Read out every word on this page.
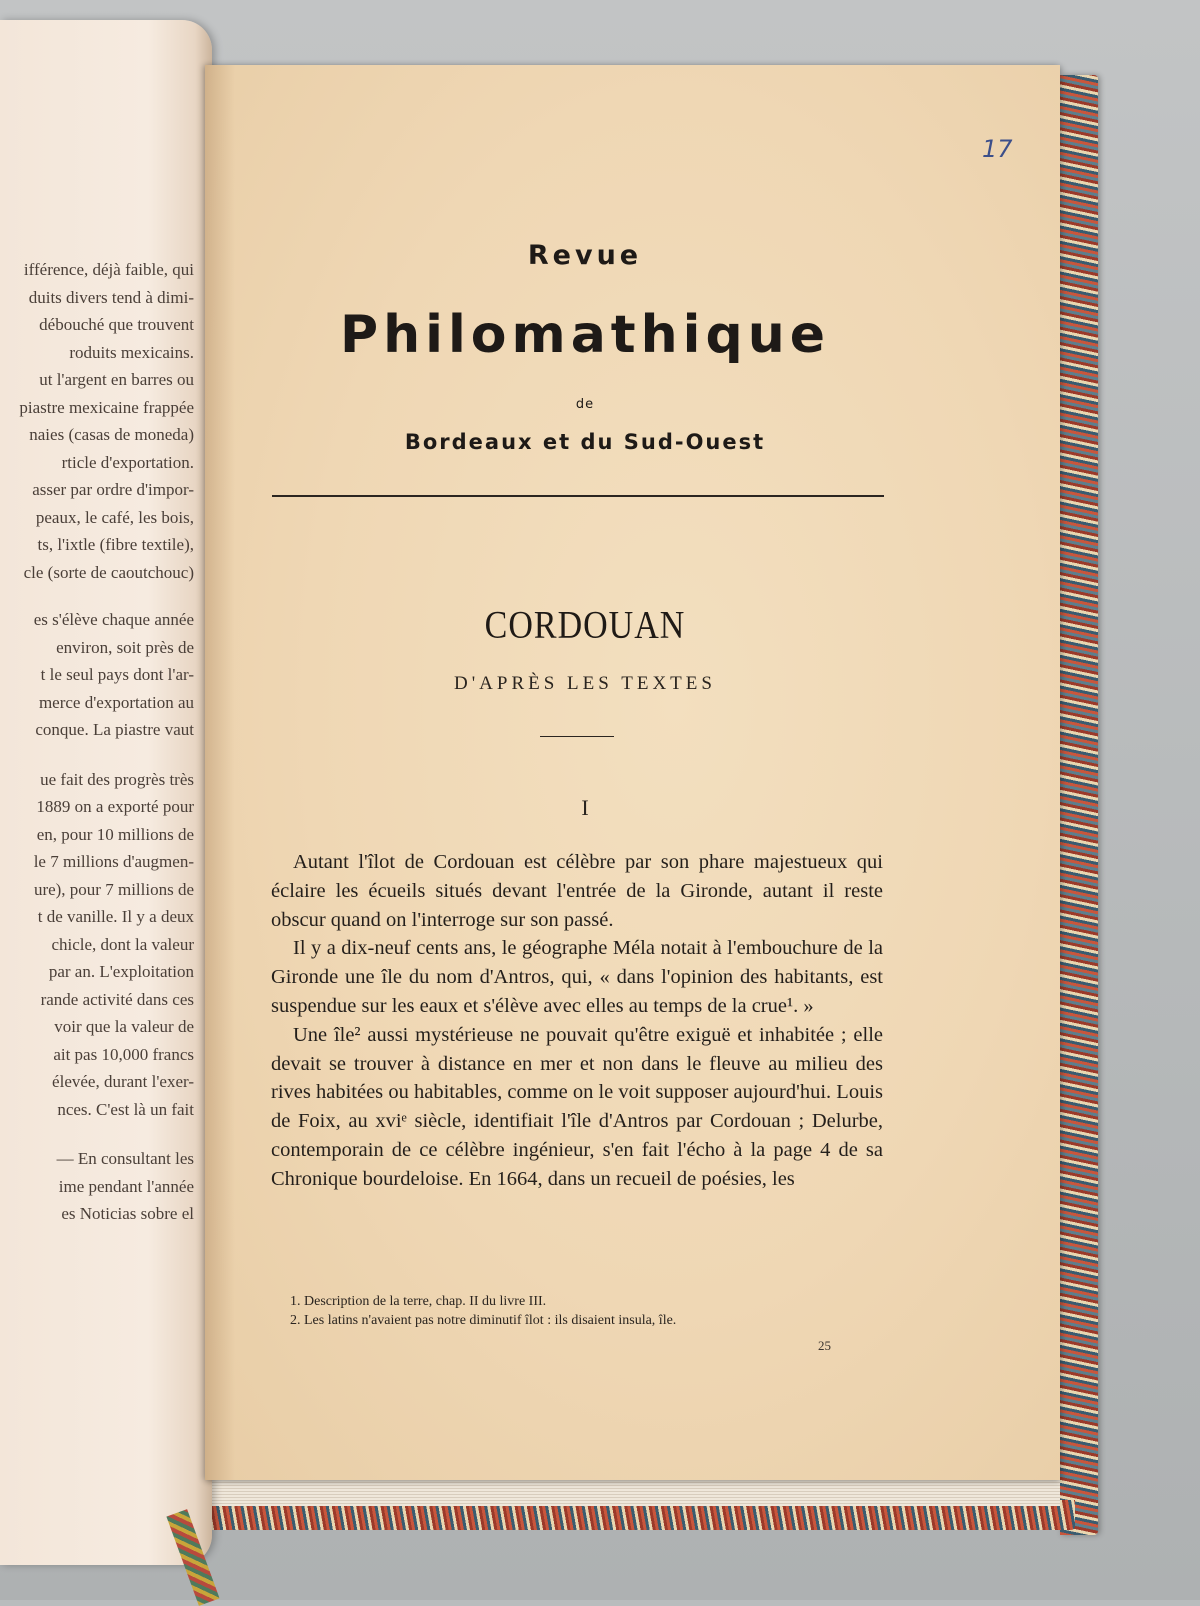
ifférence, déjà faible, qui
duits divers tend à dimi-
débouché que trouvent
roduits mexicains.
ut l'argent en barres ou
piastre mexicaine frappée
naies (casas de moneda)
rticle d'exportation.
asser par ordre d'impor-
peaux, le café, les bois,
ts, l'ixtle (fibre textile),
cle (sorte de caoutchouc)
es s'élève chaque année
environ, soit près de
t le seul pays dont l'ar-
merce d'exportation au
conque. La piastre vaut
ue fait des progrès très
1889 on a exporté pour
en, pour 10 millions de
le 7 millions d'augmen-
ure), pour 7 millions de
t de vanille. Il y a deux
chicle, dont la valeur
par an. L'exploitation
rande activité dans ces
voir que la valeur de
ait pas 10,000 francs
élevée, durant l'exer-
nces. C'est là un fait
— En consultant les
ime pendant l'année
es Noticias sobre el
17
Revue
Philomathique
de
Bordeaux et du Sud-Ouest
CORDOUAN
D'APRÈS LES TEXTES
I

Autant l'îlot de Cordouan est célèbre par son phare majestueux qui éclaire les écueils situés devant l'entrée de la Gironde, autant il reste obscur quand on l'interroge sur son passé.

Il y a dix-neuf cents ans, le géographe Méla notait à l'embouchure de la Gironde une île du nom d'Antros, qui, « dans l'opinion des habitants, est suspendue sur les eaux et s'élève avec elles au temps de la crue¹. »

Une île² aussi mystérieuse ne pouvait qu'être exiguë et inhabitée ; elle devait se trouver à distance en mer et non dans le fleuve au milieu des rives habitées ou habitables, comme on le voit supposer aujourd'hui. Louis de Foix, au xviᵉ siècle, identifiait l'île d'Antros par Cordouan ; Delurbe, contemporain de ce célèbre ingénieur, s'en fait l'écho à la page 4 de sa Chronique bourdeloise. En 1664, dans un recueil de poésies, les

1. Description de la terre, chap. II du livre III.
2. Les latins n'avaient pas notre diminutif îlot : ils disaient insula, île.
25
